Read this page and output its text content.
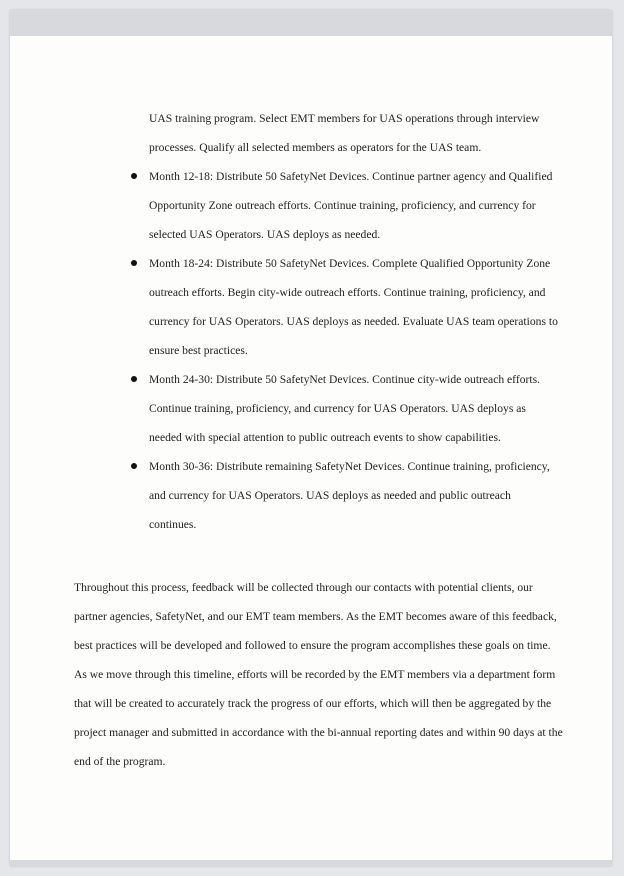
UAS training program. Select EMT members for UAS operations through interview processes. Qualify all selected members as operators for the UAS team.

Month 12-18: Distribute 50 SafetyNet Devices. Continue partner agency and Qualified Opportunity Zone outreach efforts. Continue training, proficiency, and currency for selected UAS Operators. UAS deploys as needed.
Month 18-24: Distribute 50 SafetyNet Devices. Complete Qualified Opportunity Zone outreach efforts. Begin city-wide outreach efforts. Continue training, proficiency, and currency for UAS Operators. UAS deploys as needed. Evaluate UAS team operations to ensure best practices.
Month 24-30: Distribute 50 SafetyNet Devices. Continue city-wide outreach efforts. Continue training, proficiency, and currency for UAS Operators. UAS deploys as needed with special attention to public outreach events to show capabilities.
Month 30-36: Distribute remaining SafetyNet Devices. Continue training, proficiency, and currency for UAS Operators. UAS deploys as needed and public outreach continues.

Throughout this process, feedback will be collected through our contacts with potential clients, our partner agencies, SafetyNet, and our EMT team members. As the EMT becomes aware of this feedback, best practices will be developed and followed to ensure the program accomplishes these goals on time. As we move through this timeline, efforts will be recorded by the EMT members via a department form that will be created to accurately track the progress of our efforts, which will then be aggregated by the project manager and submitted in accordance with the bi-annual reporting dates and within 90 days at the end of the program.
